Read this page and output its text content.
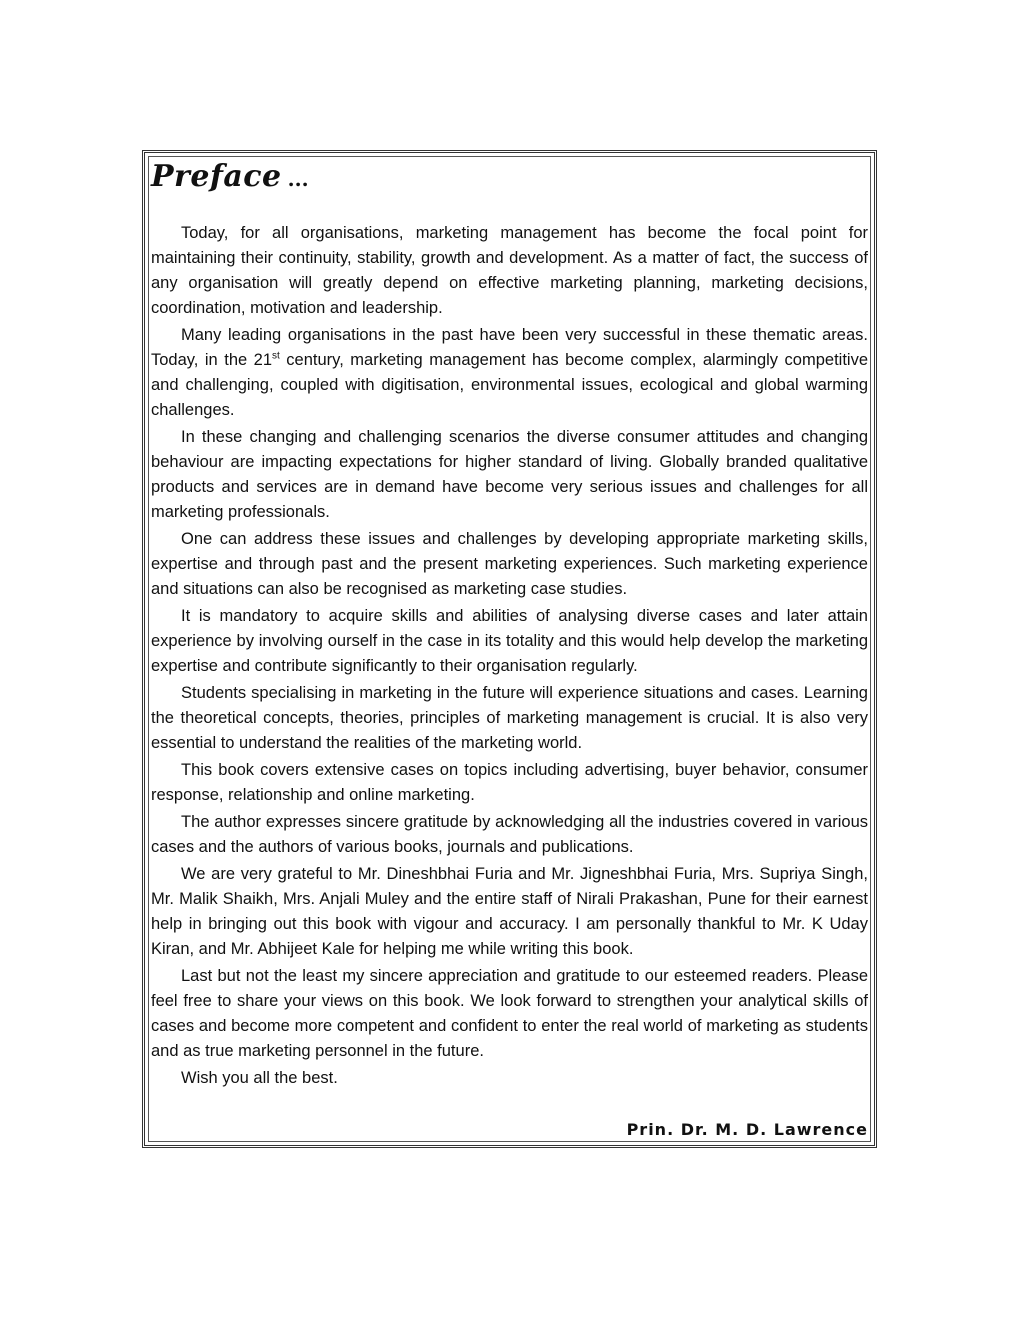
Preface ...

Today, for all organisations, marketing management has become the focal point for maintaining their continuity, stability, growth and development. As a matter of fact, the success of any organisation will greatly depend on effective marketing planning, marketing decisions, coordination, motivation and leadership.

Many leading organisations in the past have been very successful in these thematic areas. Today, in the 21st century, marketing management has become complex, alarmingly competitive and challenging, coupled with digitisation, environmental issues, ecological and global warming challenges.

In these changing and challenging scenarios the diverse consumer attitudes and changing behaviour are impacting expectations for higher standard of living. Globally branded qualitative products and services are in demand have become very serious issues and challenges for all marketing professionals.

One can address these issues and challenges by developing appropriate marketing skills, expertise and through past and the present marketing experiences. Such marketing experience and situations can also be recognised as marketing case studies.

It is mandatory to acquire skills and abilities of analysing diverse cases and later attain experience by involving ourself in the case in its totality and this would help develop the marketing expertise and contribute significantly to their organisation regularly.

Students specialising in marketing in the future will experience situations and cases. Learning the theoretical concepts, theories, principles of marketing management is crucial. It is also very essential to understand the realities of the marketing world.

This book covers extensive cases on topics including advertising, buyer behavior, consumer response, relationship and online marketing.

The author expresses sincere gratitude by acknowledging all the industries covered in various cases and the authors of various books, journals and publications.

We are very grateful to Mr. Dineshbhai Furia and Mr. Jigneshbhai Furia, Mrs. Supriya Singh, Mr. Malik Shaikh, Mrs. Anjali Muley and the entire staff of Nirali Prakashan, Pune for their earnest help in bringing out this book with vigour and accuracy. I am personally thankful to Mr. K Uday Kiran, and Mr. Abhijeet Kale for helping me while writing this book.

Last but not the least my sincere appreciation and gratitude to our esteemed readers. Please feel free to share your views on this book. We look forward to strengthen your analytical skills of cases and become more competent and confident to enter the real world of marketing as students and as true marketing personnel in the future.

Wish you all the best.

Prin. Dr. M. D. Lawrence
